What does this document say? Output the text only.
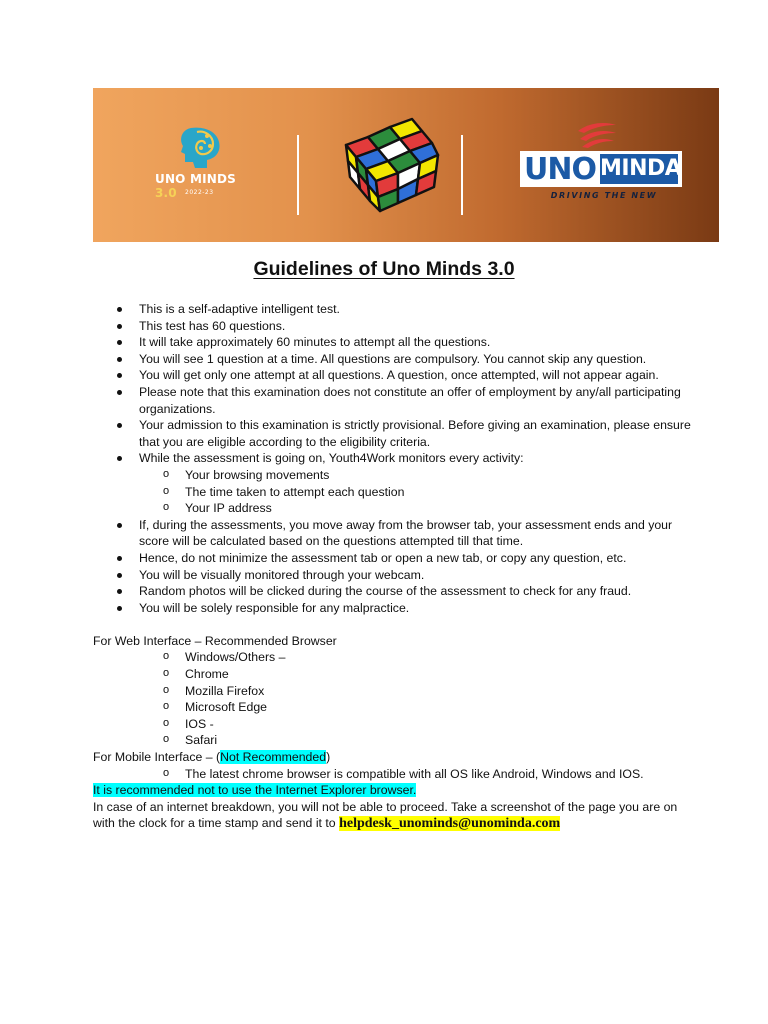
UNO MINDS 3.0	2022-23
UNO MINDA
DRIVING THE NEW
Guidelines of Uno Minds 3.0
This is a self-adaptive intelligent test.
This test has 60 questions.
It will take approximately 60 minutes to attempt all the questions.
You will see 1 question at a time. All questions are compulsory. You cannot skip any question.
You will get only one attempt at all questions. A question, once attempted, will not appear again.
Please note that this examination does not constitute an offer of employment by any/all participating organizations.
Your admission to this examination is strictly provisional. Before giving an examination, please ensure that you are eligible according to the eligibility criteria.
While the assessment is going on, Youth4Work monitors every activity:
o Your browsing movements
o The time taken to attempt each question
o Your IP address
If, during the assessments, you move away from the browser tab, your assessment ends and your score will be calculated based on the questions attempted till that time.
Hence, do not minimize the assessment tab or open a new tab, or copy any question, etc.
You will be visually monitored through your webcam.
Random photos will be clicked during the course of the assessment to check for any fraud.
You will be solely responsible for any malpractice.
For Web Interface – Recommended Browser
o Windows/Others –
o Chrome
o Mozilla Firefox
o Microsoft Edge
o IOS -
o Safari
For Mobile Interface – (Not Recommended)
o The latest chrome browser is compatible with all OS like Android, Windows and IOS.
It is recommended not to use the Internet Explorer browser.
In case of an internet breakdown, you will not be able to proceed. Take a screenshot of the page you are on with the clock for a time stamp and send it to helpdesk_unominds@unominda.com
